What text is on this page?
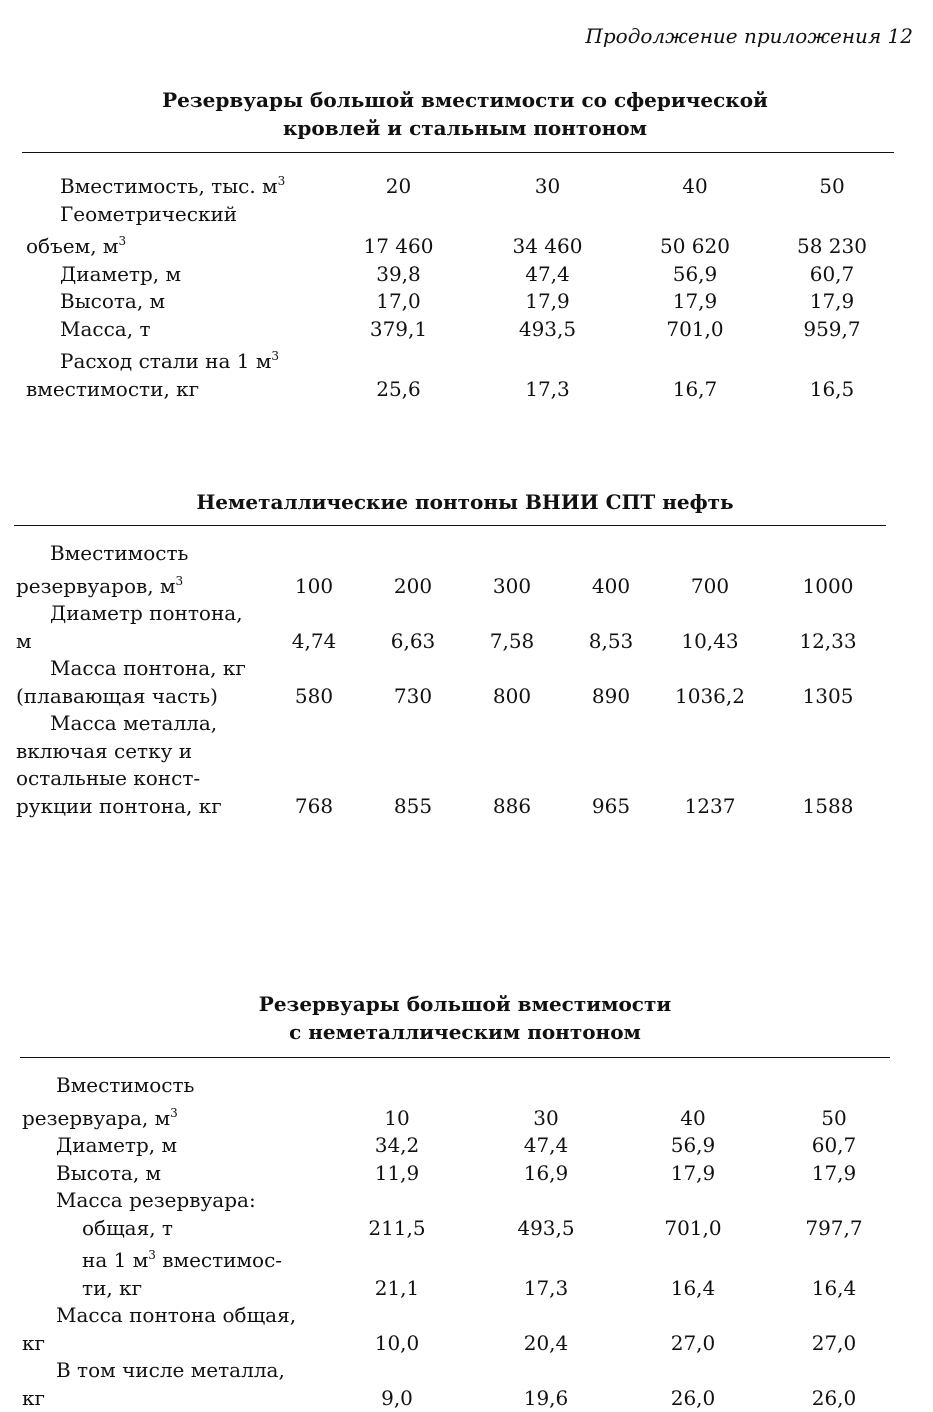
Продолжение приложения 12
Резервуары большой вместимости со сферической
кровлей и стальным понтоном
Вместимость, тыс. $м^3$	20	30	40	50
Геометрический				
объем, $м^3$	17 460	34 460	50 620	58 230
Диаметр, м	39,8	47,4	56,9	60,7
Высота, м	17,0	17,9	17,9	17,9
Масса, т	379,1	493,5	701,0	959,7
Расход стали на 1 $м^3$				
вместимости, кг	25,6	17,3	16,7	16,5
Неметаллические понтоны ВНИИ СПТ нефть
Вместимость						
резервуаров, $м^3$	100	200	300	400	700	1000
Диаметр понтона,						
м	4,74	6,63	7,58	8,53	10,43	12,33
Масса понтона, кг						
(плавающая часть)	580	730	800	890	1036,2	1305
Масса металла,						
включая сетку и						
остальные конст-						
рукции понтона, кг	768	855	886	965	1237	1588
Резервуары большой вместимости
с неметаллическим понтоном
Вместимость				
резервуара, $м^3$	10	30	40	50
Диаметр, м	34,2	47,4	56,9	60,7
Высота, м	11,9	16,9	17,9	17,9
Масса резервуара:				
общая, т	211,5	493,5	701,0	797,7
на 1 $м^3$ вместимос-				
ти, кг	21,1	17,3	16,4	16,4
Масса понтона общая,				
кг	10,0	20,4	27,0	27,0
В том числе металла,				
кг	9,0	19,6	26,0	26,0
